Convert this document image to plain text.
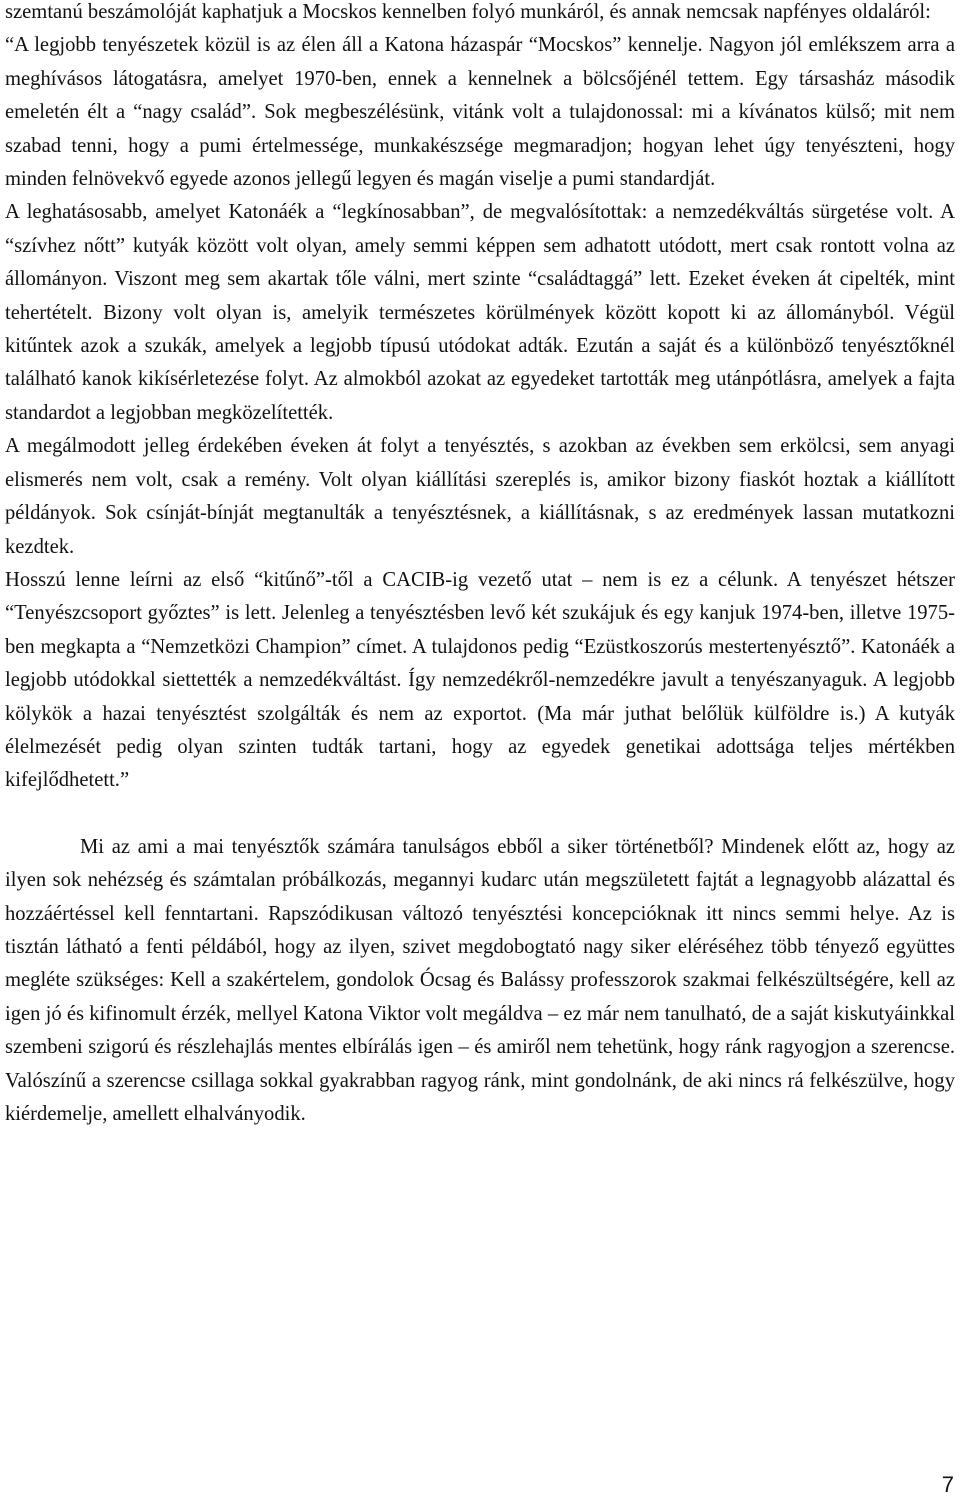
szemtanú beszámolóját kaphatjuk a Mocskos kennelben folyó munkáról, és annak nemcsak napfényes oldaláról:

“A legjobb tenyészetek közül is az élen áll a Katona házaspár “Mocskos” kennelje. Nagyon jól emlékszem arra a meghívásos látogatásra, amelyet 1970-ben, ennek a kennelnek a bölcsőjénél tettem. Egy társasház második emeletén élt a “nagy család”. Sok megbeszélésünk, vitánk volt a tulajdonossal: mi a kívánatos külső; mit nem szabad tenni, hogy a pumi értelmessége, munkakészsége megmaradjon; hogyan lehet úgy tenyészteni, hogy minden felnövekvő egyede azonos jellegű legyen és magán viselje a pumi standardját.

A leghatásosabb, amelyet Katonáék a “legkínosabban”, de megvalósítottak: a nemzedékváltás sürgetése volt. A “szívhez nőtt” kutyák között volt olyan, amely semmi képpen sem adhatott utódott, mert csak rontott volna az állományon. Viszont meg sem akartak tőle válni, mert szinte “családtaggá” lett. Ezeket éveken át cipelték, mint tehertételt. Bizony volt olyan is, amelyik természetes körülmények között kopott ki az állományból. Végül kitűntek azok a szukák, amelyek a legjobb típusú utódokat adták. Ezután a saját és a különböző tenyésztőknél található kanok kikísérletezése folyt. Az almokból azokat az egyedeket tartották meg utánpótlásra, amelyek a fajta standardot a legjobban megközelítették.

A megálmodott jelleg érdekében éveken át folyt a tenyésztés, s azokban az években sem erkölcsi, sem anyagi elismerés nem volt, csak a remény. Volt olyan kiállítási szereplés is, amikor bizony fiaskót hoztak a kiállított példányok. Sok csínját-bínját megtanulták a tenyésztésnek, a kiállításnak, s az eredmények lassan mutatkozni kezdtek.

Hosszú lenne leírni az első “kitűnő”-től a CACIB-ig vezető utat – nem is ez a célunk. A tenyészet hétszer “Tenyészcsoport győztes” is lett. Jelenleg a tenyésztésben levő két szukájuk és egy kanjuk 1974-ben, illetve 1975-ben megkapta a “Nemzetközi Champion” címet. A tulajdonos pedig “Ezüstkoszorús mestertenyésztő”. Katonáék a legjobb utódokkal siettették a nemzedékváltást. Így nemzedékről-nemzedékre javult a tenyészanyaguk. A legjobb kölykök a hazai tenyésztést szolgálták és nem az exportot. (Ma már juthat belőlük külföldre is.) A kutyák élelmezését pedig olyan szinten tudták tartani, hogy az egyedek genetikai adottsága teljes mértékben kifejlődhetett.”

Mi az ami a mai tenyésztők számára tanulságos ebből a siker történetből? Mindenek előtt az, hogy az ilyen sok nehézség és számtalan próbálkozás, megannyi kudarc után megszületett fajtát a legnagyobb alázattal és hozzáértéssel kell fenntartani. Rapszódikusan változó tenyésztési koncepcióknak itt nincs semmi helye. Az is tisztán látható a fenti példából, hogy az ilyen, szivet megdobogtató nagy siker eléréséhez több tényező együttes megléte szükséges: Kell a szakértelem, gondolok Ócsag és Balássy professzorok szakmai felkészültségére, kell az igen jó és kifinomult érzék, mellyel Katona Viktor volt megáldva – ez már nem tanulható, de a saját kiskutyáinkkal szembeni szigorú és részlehajlás mentes elbírálás igen – és amiről nem tehetünk, hogy ránk ragyogjon a szerencse. Valószínű a szerencse csillaga sokkal gyakrabban ragyog ránk, mint gondolnánk, de aki nincs rá felkészülve, hogy kiérdemelje, amellett elhalványodik.

7
